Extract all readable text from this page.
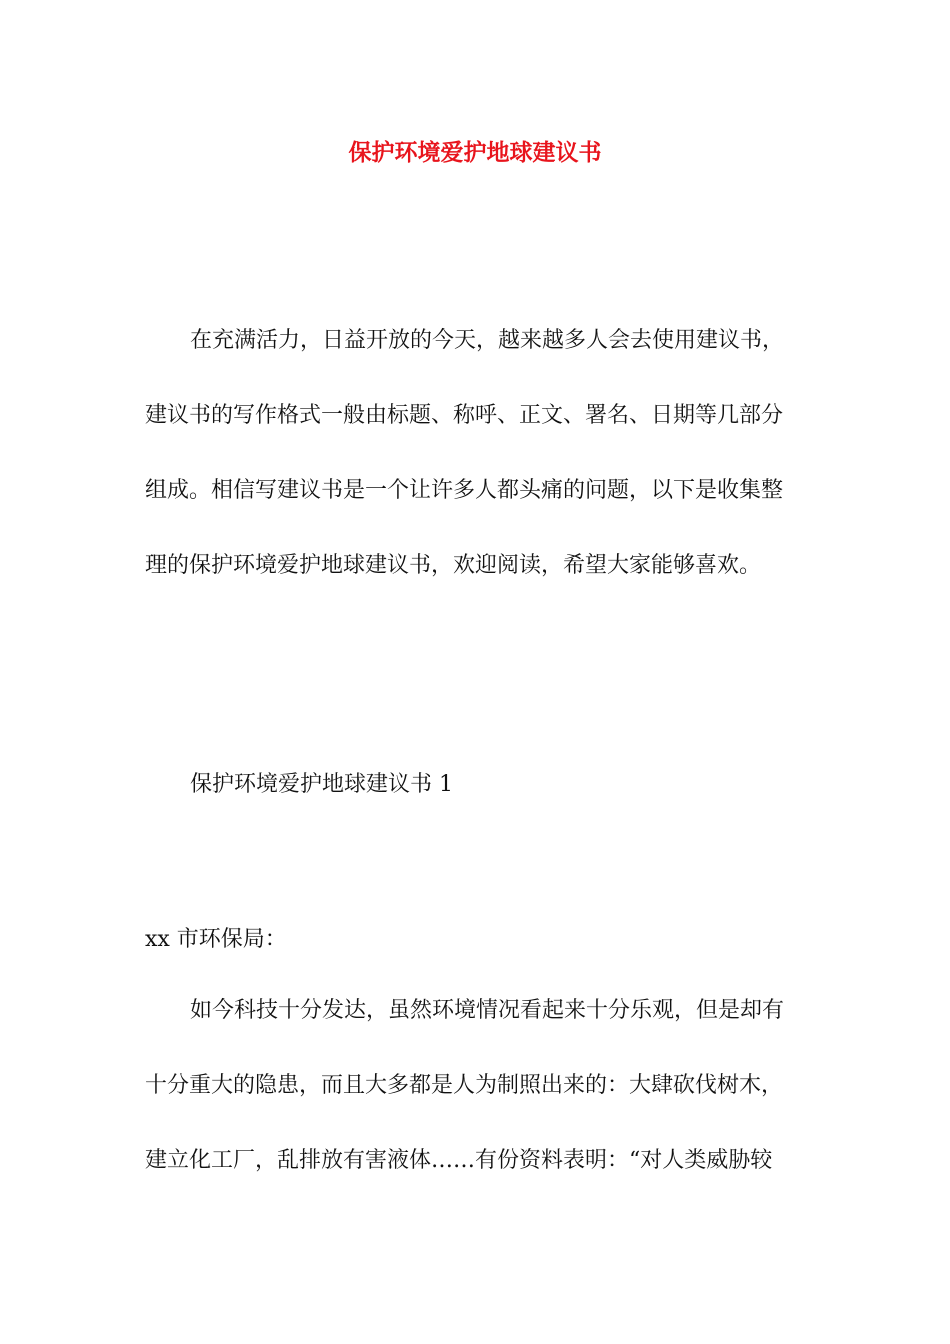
保护环境爱护地球建议书

在充满活力，日益开放的今天，越来越多人会去使用建议书，
建议书的写作格式一般由标题、称呼、正文、署名、日期等几部分
组成。相信写建议书是一个让许多人都头痛的问题，以下是收集整
理的保护环境爱护地球建议书，欢迎阅读，希望大家能够喜欢。

保护环境爱护地球建议书 1

xx 市环保局：

如今科技十分发达，虽然环境情况看起来十分乐观，但是却有
十分重大的隐患，而且大多都是人为制照出来的：大肆砍伐树木，
建立化工厂，乱排放有害液体……有份资料表明：“对人类威胁较
